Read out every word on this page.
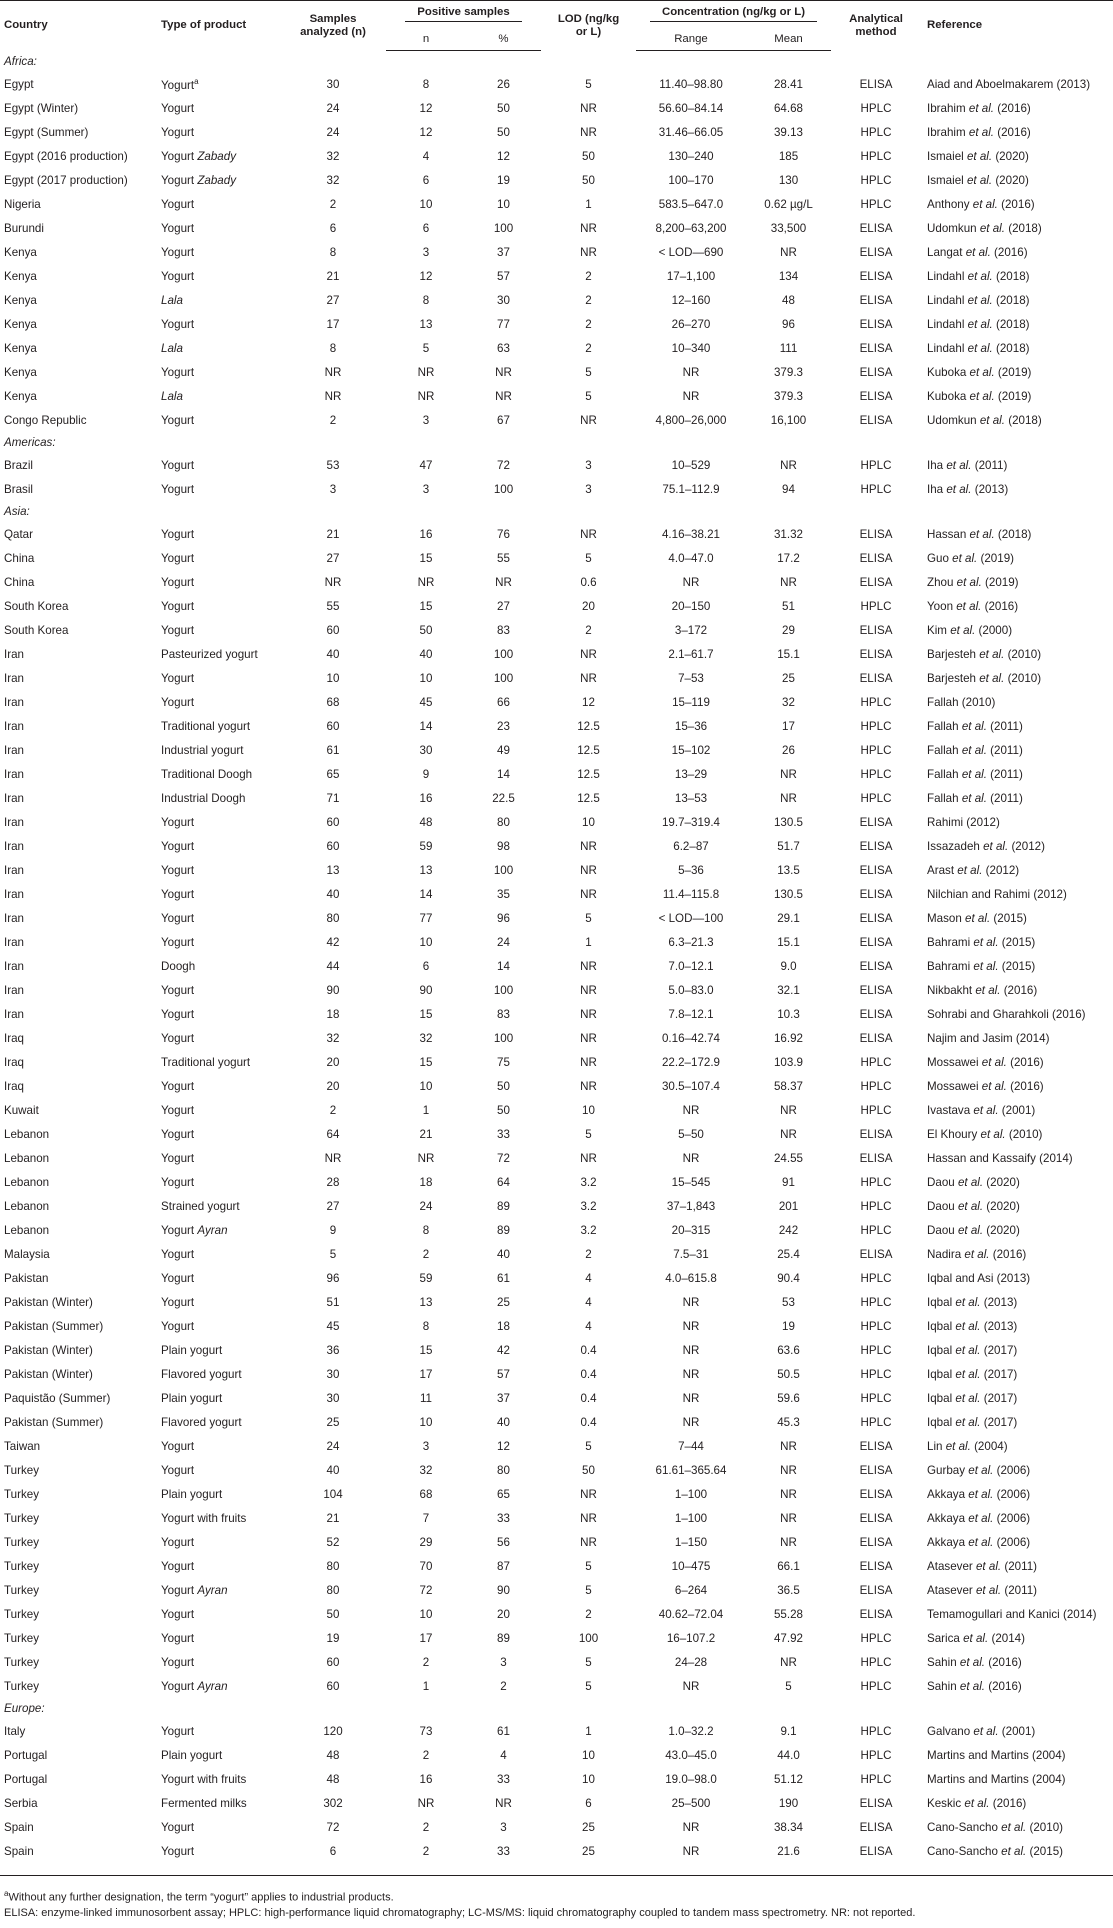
Country	Type of product	Samples analyzed (n)	Positive samples		LOD (ng/kg or L)	Concentration (ng/kg or L)		Analytical method	Reference
			n	%		Range	Mean		
Africa:									
Egypt	Yogurt$^a$	30	8	26	5	11.40–98.80	28.41	ELISA	Aiad and Aboelmakarem (2013)
Egypt (Winter)	Yogurt	24	12	50	NR	56.60–84.14	64.68	HPLC	Ibrahim et al. (2016)
Egypt (Summer)	Yogurt	24	12	50	NR	31.46–66.05	39.13	HPLC	Ibrahim et al. (2016)
Egypt (2016 production)	Yogurt Zabady	32	4	12	50	130–240	185	HPLC	Ismaiel et al. (2020)
Egypt (2017 production)	Yogurt Zabady	32	6	19	50	100–170	130	HPLC	Ismaiel et al. (2020)
Nigeria	Yogurt	2	10	10	1	583.5–647.0	0.62 µg/L	HPLC	Anthony et al. (2016)
Burundi	Yogurt	6	6	100	NR	8,200–63,200	33,500	ELISA	Udomkun et al. (2018)
Kenya	Yogurt	8	3	37	NR	< LOD—690	NR	ELISA	Langat et al. (2016)
Kenya	Yogurt	21	12	57	2	17–1,100	134	ELISA	Lindahl et al. (2018)
Kenya	Lala	27	8	30	2	12–160	48	ELISA	Lindahl et al. (2018)
Kenya	Yogurt	17	13	77	2	26–270	96	ELISA	Lindahl et al. (2018)
Kenya	Lala	8	5	63	2	10–340	111	ELISA	Lindahl et al. (2018)
Kenya	Yogurt	NR	NR	NR	5	NR	379.3	ELISA	Kuboka et al. (2019)
Kenya	Lala	NR	NR	NR	5	NR	379.3	ELISA	Kuboka et al. (2019)
Congo Republic	Yogurt	2	3	67	NR	4,800–26,000	16,100	ELISA	Udomkun et al. (2018)
Americas:									
Brazil	Yogurt	53	47	72	3	10–529	NR	HPLC	Iha et al. (2011)
Brasil	Yogurt	3	3	100	3	75.1–112.9	94	HPLC	Iha et al. (2013)
Asia:									
Qatar	Yogurt	21	16	76	NR	4.16–38.21	31.32	ELISA	Hassan et al. (2018)
China	Yogurt	27	15	55	5	4.0–47.0	17.2	ELISA	Guo et al. (2019)
China	Yogurt	NR	NR	NR	0.6	NR	NR	ELISA	Zhou et al. (2019)
South Korea	Yogurt	55	15	27	20	20–150	51	HPLC	Yoon et al. (2016)
South Korea	Yogurt	60	50	83	2	3–172	29	ELISA	Kim et al. (2000)
Iran	Pasteurized yogurt	40	40	100	NR	2.1–61.7	15.1	ELISA	Barjesteh et al. (2010)
Iran	Yogurt	10	10	100	NR	7–53	25	ELISA	Barjesteh et al. (2010)
Iran	Yogurt	68	45	66	12	15–119	32	HPLC	Fallah (2010)
Iran	Traditional yogurt	60	14	23	12.5	15–36	17	HPLC	Fallah et al. (2011)
Iran	Industrial yogurt	61	30	49	12.5	15–102	26	HPLC	Fallah et al. (2011)
Iran	Traditional Doogh	65	9	14	12.5	13–29	NR	HPLC	Fallah et al. (2011)
Iran	Industrial Doogh	71	16	22.5	12.5	13–53	NR	HPLC	Fallah et al. (2011)
Iran	Yogurt	60	48	80	10	19.7–319.4	130.5	ELISA	Rahimi (2012)
Iran	Yogurt	60	59	98	NR	6.2–87	51.7	ELISA	Issazadeh et al. (2012)
Iran	Yogurt	13	13	100	NR	5–36	13.5	ELISA	Arast et al. (2012)
Iran	Yogurt	40	14	35	NR	11.4–115.8	130.5	ELISA	Nilchian and Rahimi (2012)
Iran	Yogurt	80	77	96	5	< LOD—100	29.1	ELISA	Mason et al. (2015)
Iran	Yogurt	42	10	24	1	6.3–21.3	15.1	ELISA	Bahrami et al. (2015)
Iran	Doogh	44	6	14	NR	7.0–12.1	9.0	ELISA	Bahrami et al. (2015)
Iran	Yogurt	90	90	100	NR	5.0–83.0	32.1	ELISA	Nikbakht et al. (2016)
Iran	Yogurt	18	15	83	NR	7.8–12.1	10.3	ELISA	Sohrabi and Gharahkoli (2016)
Iraq	Yogurt	32	32	100	NR	0.16–42.74	16.92	ELISA	Najim and Jasim (2014)
Iraq	Traditional yogurt	20	15	75	NR	22.2–172.9	103.9	HPLC	Mossawei et al. (2016)
Iraq	Yogurt	20	10	50	NR	30.5–107.4	58.37	HPLC	Mossawei et al. (2016)
Kuwait	Yogurt	2	1	50	10	NR	NR	HPLC	Ivastava et al. (2001)
Lebanon	Yogurt	64	21	33	5	5–50	NR	ELISA	El Khoury et al. (2010)
Lebanon	Yogurt	NR	NR	72	NR	NR	24.55	ELISA	Hassan and Kassaify (2014)
Lebanon	Yogurt	28	18	64	3.2	15–545	91	HPLC	Daou et al. (2020)
Lebanon	Strained yogurt	27	24	89	3.2	37–1,843	201	HPLC	Daou et al. (2020)
Lebanon	Yogurt Ayran	9	8	89	3.2	20–315	242	HPLC	Daou et al. (2020)
Malaysia	Yogurt	5	2	40	2	7.5–31	25.4	ELISA	Nadira et al. (2016)
Pakistan	Yogurt	96	59	61	4	4.0–615.8	90.4	HPLC	Iqbal and Asi (2013)
Pakistan (Winter)	Yogurt	51	13	25	4	NR	53	HPLC	Iqbal et al. (2013)
Pakistan (Summer)	Yogurt	45	8	18	4	NR	19	HPLC	Iqbal et al. (2013)
Pakistan (Winter)	Plain yogurt	36	15	42	0.4	NR	63.6	HPLC	Iqbal et al. (2017)
Pakistan (Winter)	Flavored yogurt	30	17	57	0.4	NR	50.5	HPLC	Iqbal et al. (2017)
Paquistão (Summer)	Plain yogurt	30	11	37	0.4	NR	59.6	HPLC	Iqbal et al. (2017)
Pakistan (Summer)	Flavored yogurt	25	10	40	0.4	NR	45.3	HPLC	Iqbal et al. (2017)
Taiwan	Yogurt	24	3	12	5	7–44	NR	ELISA	Lin et al. (2004)
Turkey	Yogurt	40	32	80	50	61.61–365.64	NR	ELISA	Gurbay et al. (2006)
Turkey	Plain yogurt	104	68	65	NR	1–100	NR	ELISA	Akkaya et al. (2006)
Turkey	Yogurt with fruits	21	7	33	NR	1–100	NR	ELISA	Akkaya et al. (2006)
Turkey	Yogurt	52	29	56	NR	1–150	NR	ELISA	Akkaya et al. (2006)
Turkey	Yogurt	80	70	87	5	10–475	66.1	ELISA	Atasever et al. (2011)
Turkey	Yogurt Ayran	80	72	90	5	6–264	36.5	ELISA	Atasever et al. (2011)
Turkey	Yogurt	50	10	20	2	40.62–72.04	55.28	ELISA	Temamogullari and Kanici (2014)
Turkey	Yogurt	19	17	89	100	16–107.2	47.92	HPLC	Sarica et al. (2014)
Turkey	Yogurt	60	2	3	5	24–28	NR	HPLC	Sahin et al. (2016)
Turkey	Yogurt Ayran	60	1	2	5	NR	5	HPLC	Sahin et al. (2016)
Europe:									
Italy	Yogurt	120	73	61	1	1.0–32.2	9.1	HPLC	Galvano et al. (2001)
Portugal	Plain yogurt	48	2	4	10	43.0–45.0	44.0	HPLC	Martins and Martins (2004)
Portugal	Yogurt with fruits	48	16	33	10	19.0–98.0	51.12	HPLC	Martins and Martins (2004)
Serbia	Fermented milks	302	NR	NR	6	25–500	190	ELISA	Keskic et al. (2016)
Spain	Yogurt	72	2	3	25	NR	38.34	ELISA	Cano-Sancho et al. (2010)
Spain	Yogurt	6	2	33	25	NR	21.6	ELISA	Cano-Sancho et al. (2015)
$^a$Without any further designation, the term “yogurt” applies to industrial products.
ELISA: enzyme-linked immunosorbent assay; HPLC: high-performance liquid chromatography; LC-MS/MS: liquid chromatography coupled to tandem mass spectrometry. NR: not reported.
